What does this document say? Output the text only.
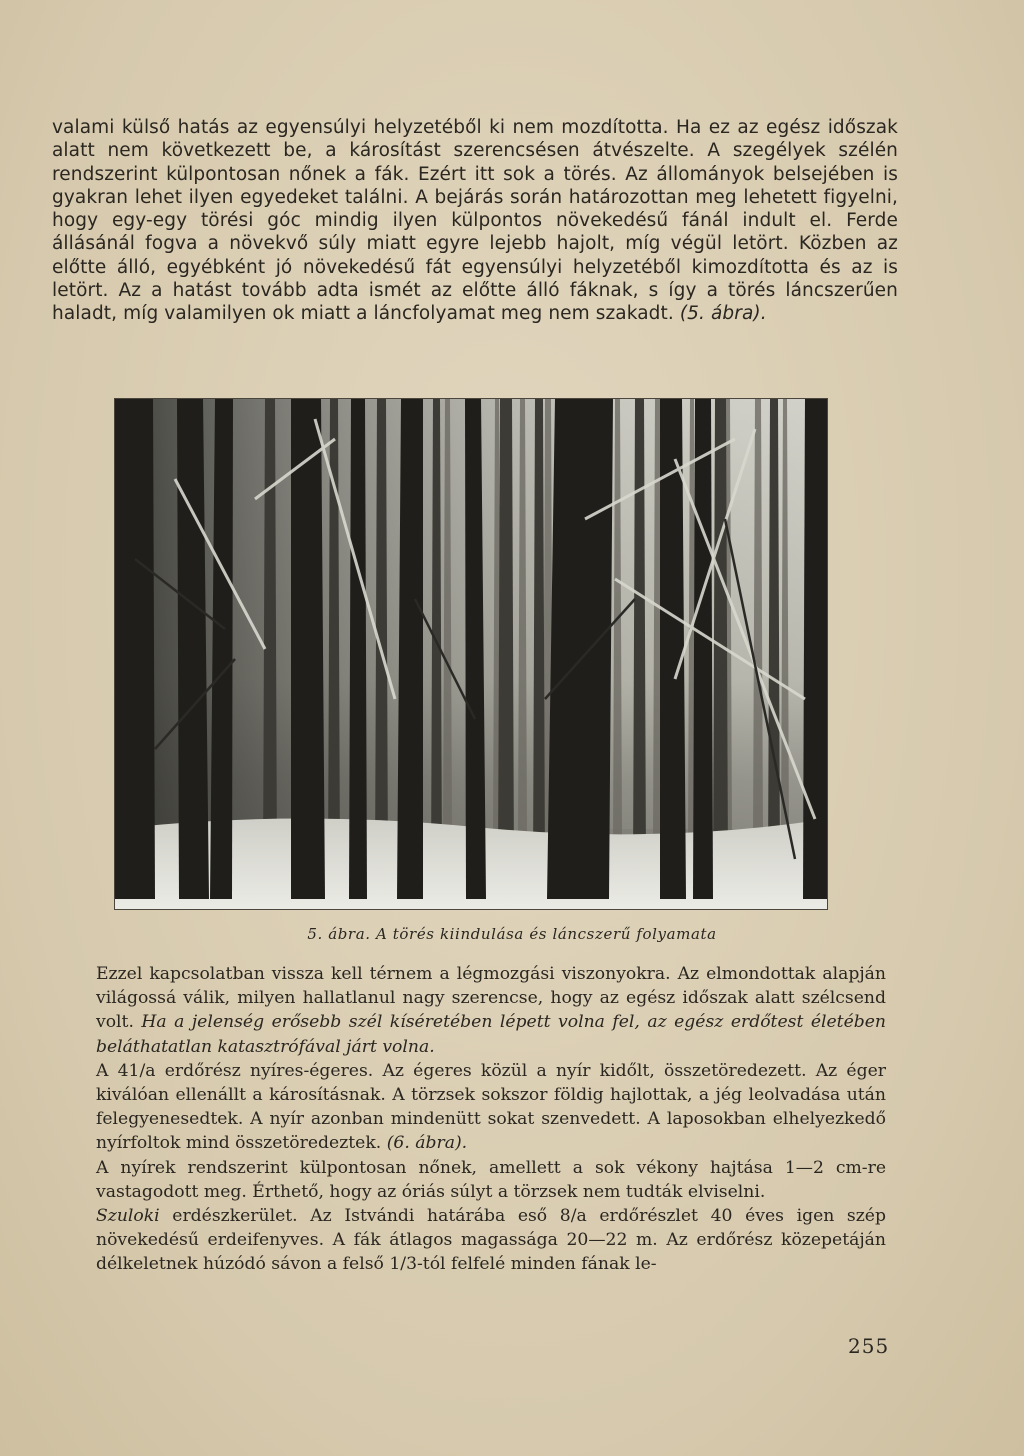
valami külső hatás az egyensúlyi helyzetéből ki nem mozdította. Ha ez az egész időszak alatt nem következett be, a károsítást szerencsésen átvészelte. A szegélyek szélén rendszerint külpontosan nőnek a fák. Ezért itt sok a törés. Az állományok belsejében is gyakran lehet ilyen egyedeket találni. A bejárás során határozottan meg lehetett figyelni, hogy egy-egy törési góc mindig ilyen külpontos növekedésű fánál indult el. Ferde állásánál fogva a növekvő súly miatt egyre lejebb hajolt, míg végül letört. Közben az előtte álló, egyébként jó növekedésű fát egyensúlyi helyzetéből kimozdította és az is letört. Az a hatást tovább adta ismét az előtte álló fáknak, s így a törés láncszerűen haladt, míg valamilyen ok miatt a láncfolyamat meg nem szakadt. (5. ábra).
5. ábra. A törés kiindulása és láncszerű folyamata

Ezzel kapcsolatban vissza kell térnem a légmozgási viszonyokra. Az elmondottak alapján világossá válik, milyen hallatlanul nagy szerencse, hogy az egész időszak alatt szélcsend volt. Ha a jelenség erősebb szél kíséretében lépett volna fel, az egész erdőtest életében beláthatatlan katasztrófával járt volna.

A 41/a erdőrész nyíres-égeres. Az égeres közül a nyír kidőlt, összetöredezett. Az éger kiválóan ellenállt a károsításnak. A törzsek sokszor földig hajlottak, a jég leolvadása után felegyenesedtek. A nyír azonban mindenütt sokat szenvedett. A laposokban elhelyezkedő nyírfoltok mind összetöredeztek. (6. ábra).

A nyírek rendszerint külpontosan nőnek, amellett a sok vékony hajtása 1—2 cm-re vastagodott meg. Érthető, hogy az óriás súlyt a törzsek nem tudták elviselni.

Szuloki erdészkerület. Az Istvándi határába eső 8/a erdőrészlet 40 éves igen szép növekedésű erdeifenyves. A fák átlagos magassága 20—22 m. Az erdőrész közepetáján délkeletnek húzódó sávon a felső 1/3-tól felfelé minden fának le-

255
